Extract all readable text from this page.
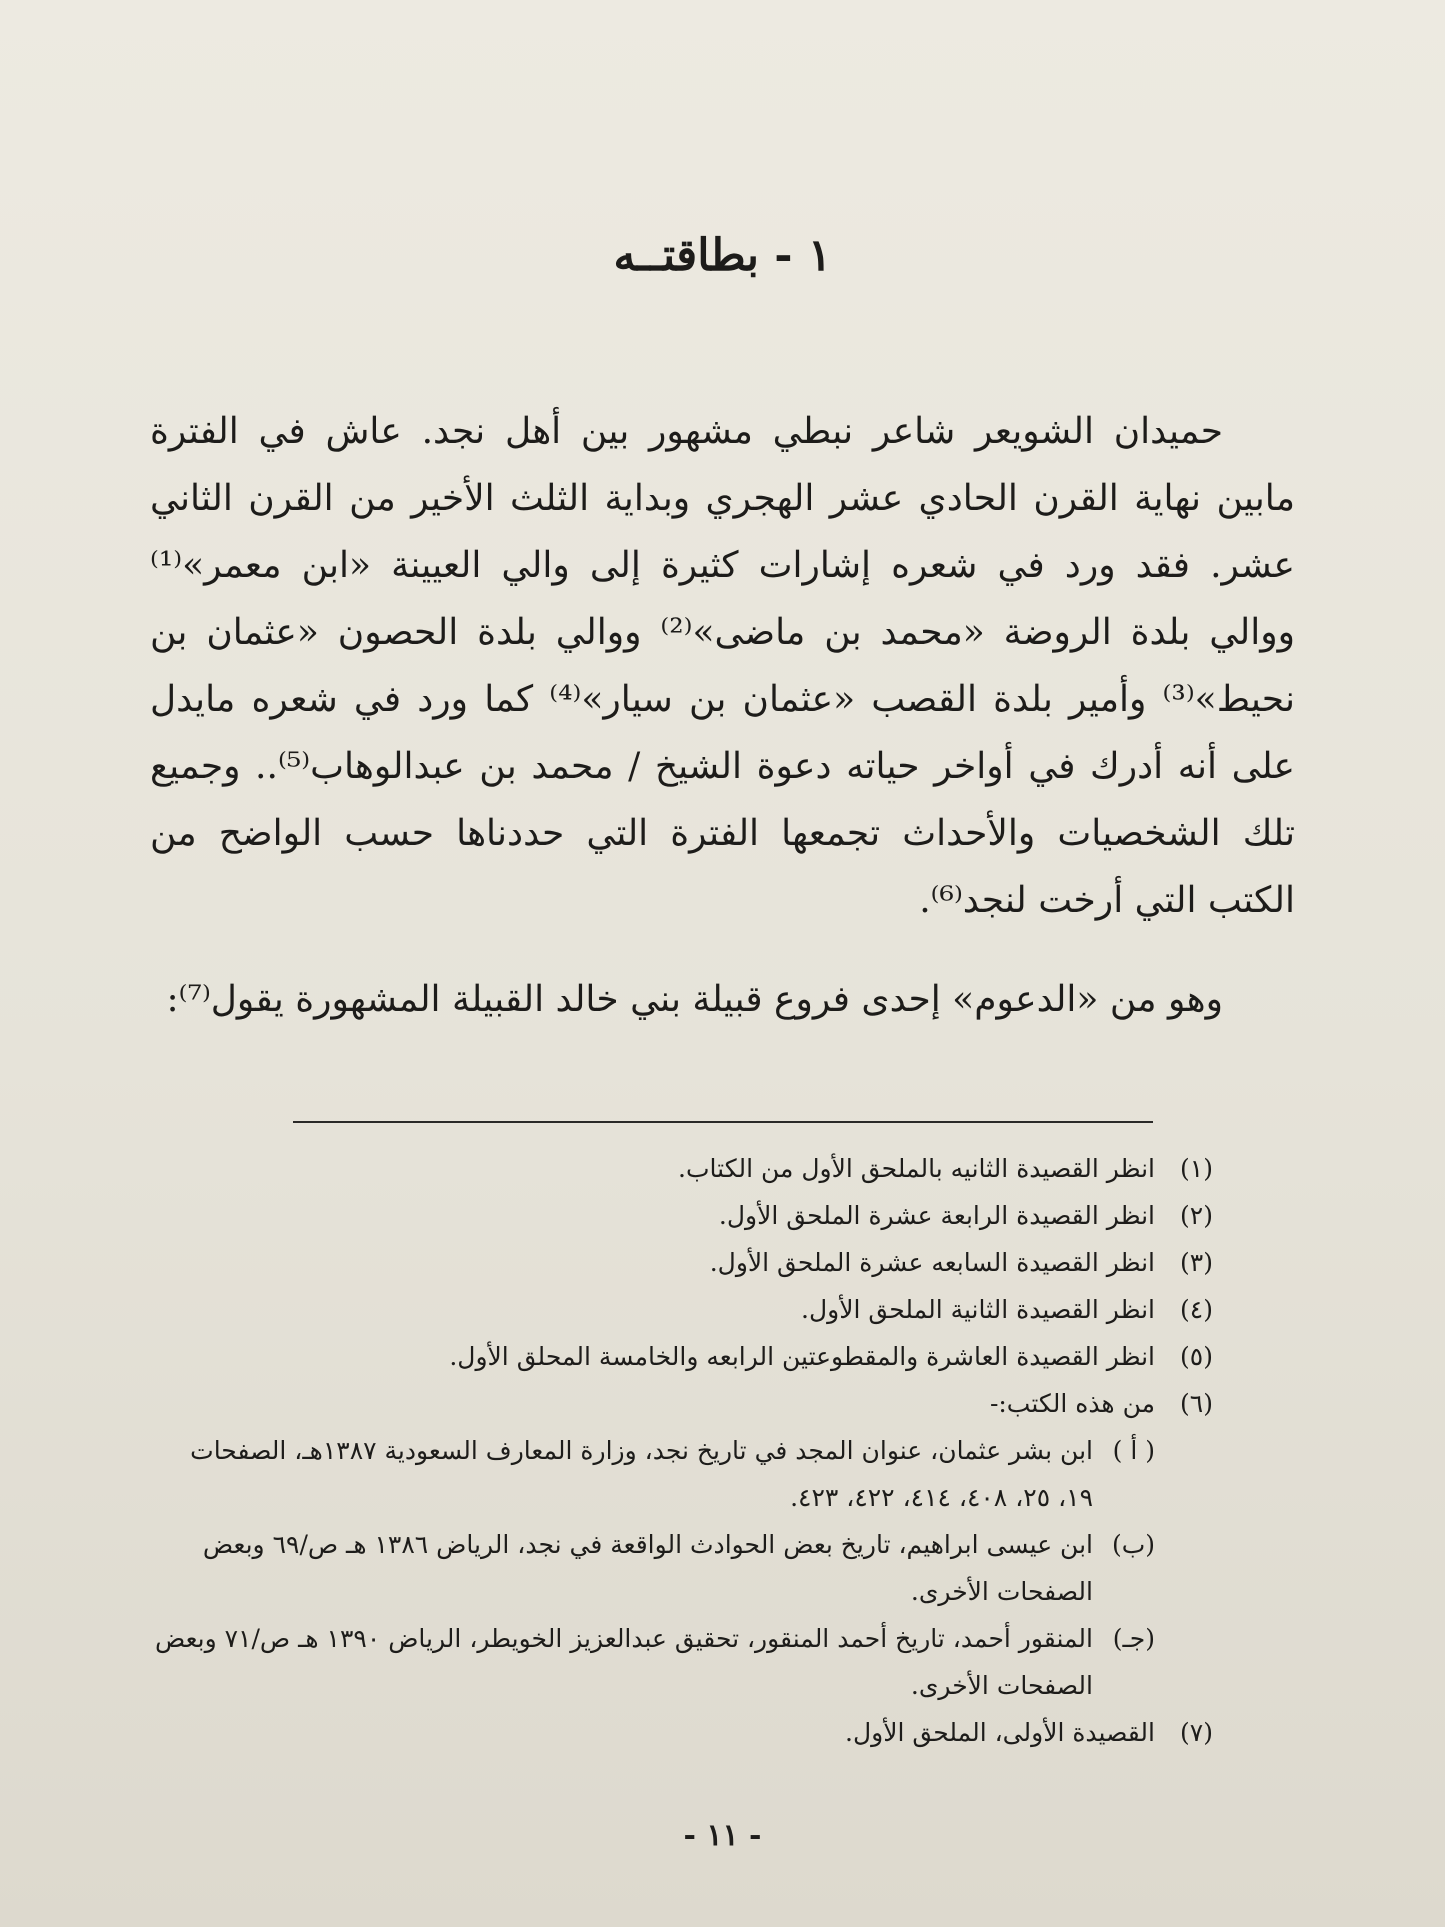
١ - بطاقتــه

حميدان الشويعر شاعر نبطي مشهور بين أهل نجد. عاش في الفترة مابين نهاية القرن الحادي عشر الهجري وبداية الثلث الأخير من القرن الثاني عشر. فقد ورد في شعره إشارات كثيرة إلى والي العيينة «ابن معمر»⁽¹⁾ ووالي بلدة الروضة «محمد بن ماضى»⁽²⁾ ووالي بلدة الحصون «عثمان بن نحيط»⁽³⁾ وأمير بلدة القصب «عثمان بن سيار»⁽⁴⁾ كما ورد في شعره مايدل على أنه أدرك في أواخر حياته دعوة الشيخ / محمد بن عبدالوهاب⁽⁵⁾.. وجميع تلك الشخصيات والأحداث تجمعها الفترة التي حددناها حسب الواضح من الكتب التي أرخت لنجد⁽⁶⁾.

وهو من «الدعوم» إحدى فروع قبيلة بني خالد القبيلة المشهورة يقول⁽⁷⁾:

(١)
انظر القصيدة الثانيه بالملحق الأول من الكتاب.
(٢)
انظر القصيدة الرابعة عشرة الملحق الأول.
(٣)
انظر القصيدة السابعه عشرة الملحق الأول.
(٤)
انظر القصيدة الثانية الملحق الأول.
(٥)
انظر القصيدة العاشرة والمقطوعتين الرابعه والخامسة المحلق الأول.
(٦)
من هذه الكتب:-
( أ )
ابن بشر عثمان، عنوان المجد في تاريخ نجد، وزارة المعارف السعودية ١٣٨٧هـ، الصفحات ١٩، ٢٥، ٤٠٨، ٤١٤، ٤٢٢، ٤٢٣.
(ب)
ابن عيسى ابراهيم، تاريخ بعض الحوادث الواقعة في نجد، الرياض ١٣٨٦ هـ ص/٦٩ وبعض الصفحات الأخرى.
(جـ)
المنقور أحمد، تاريخ أحمد المنقور، تحقيق عبدالعزيز الخويطر، الرياض ١٣٩٠ هـ ص/٧١ وبعض الصفحات الأخرى.
(٧)
القصيدة الأولى، الملحق الأول.
- ١١ -
